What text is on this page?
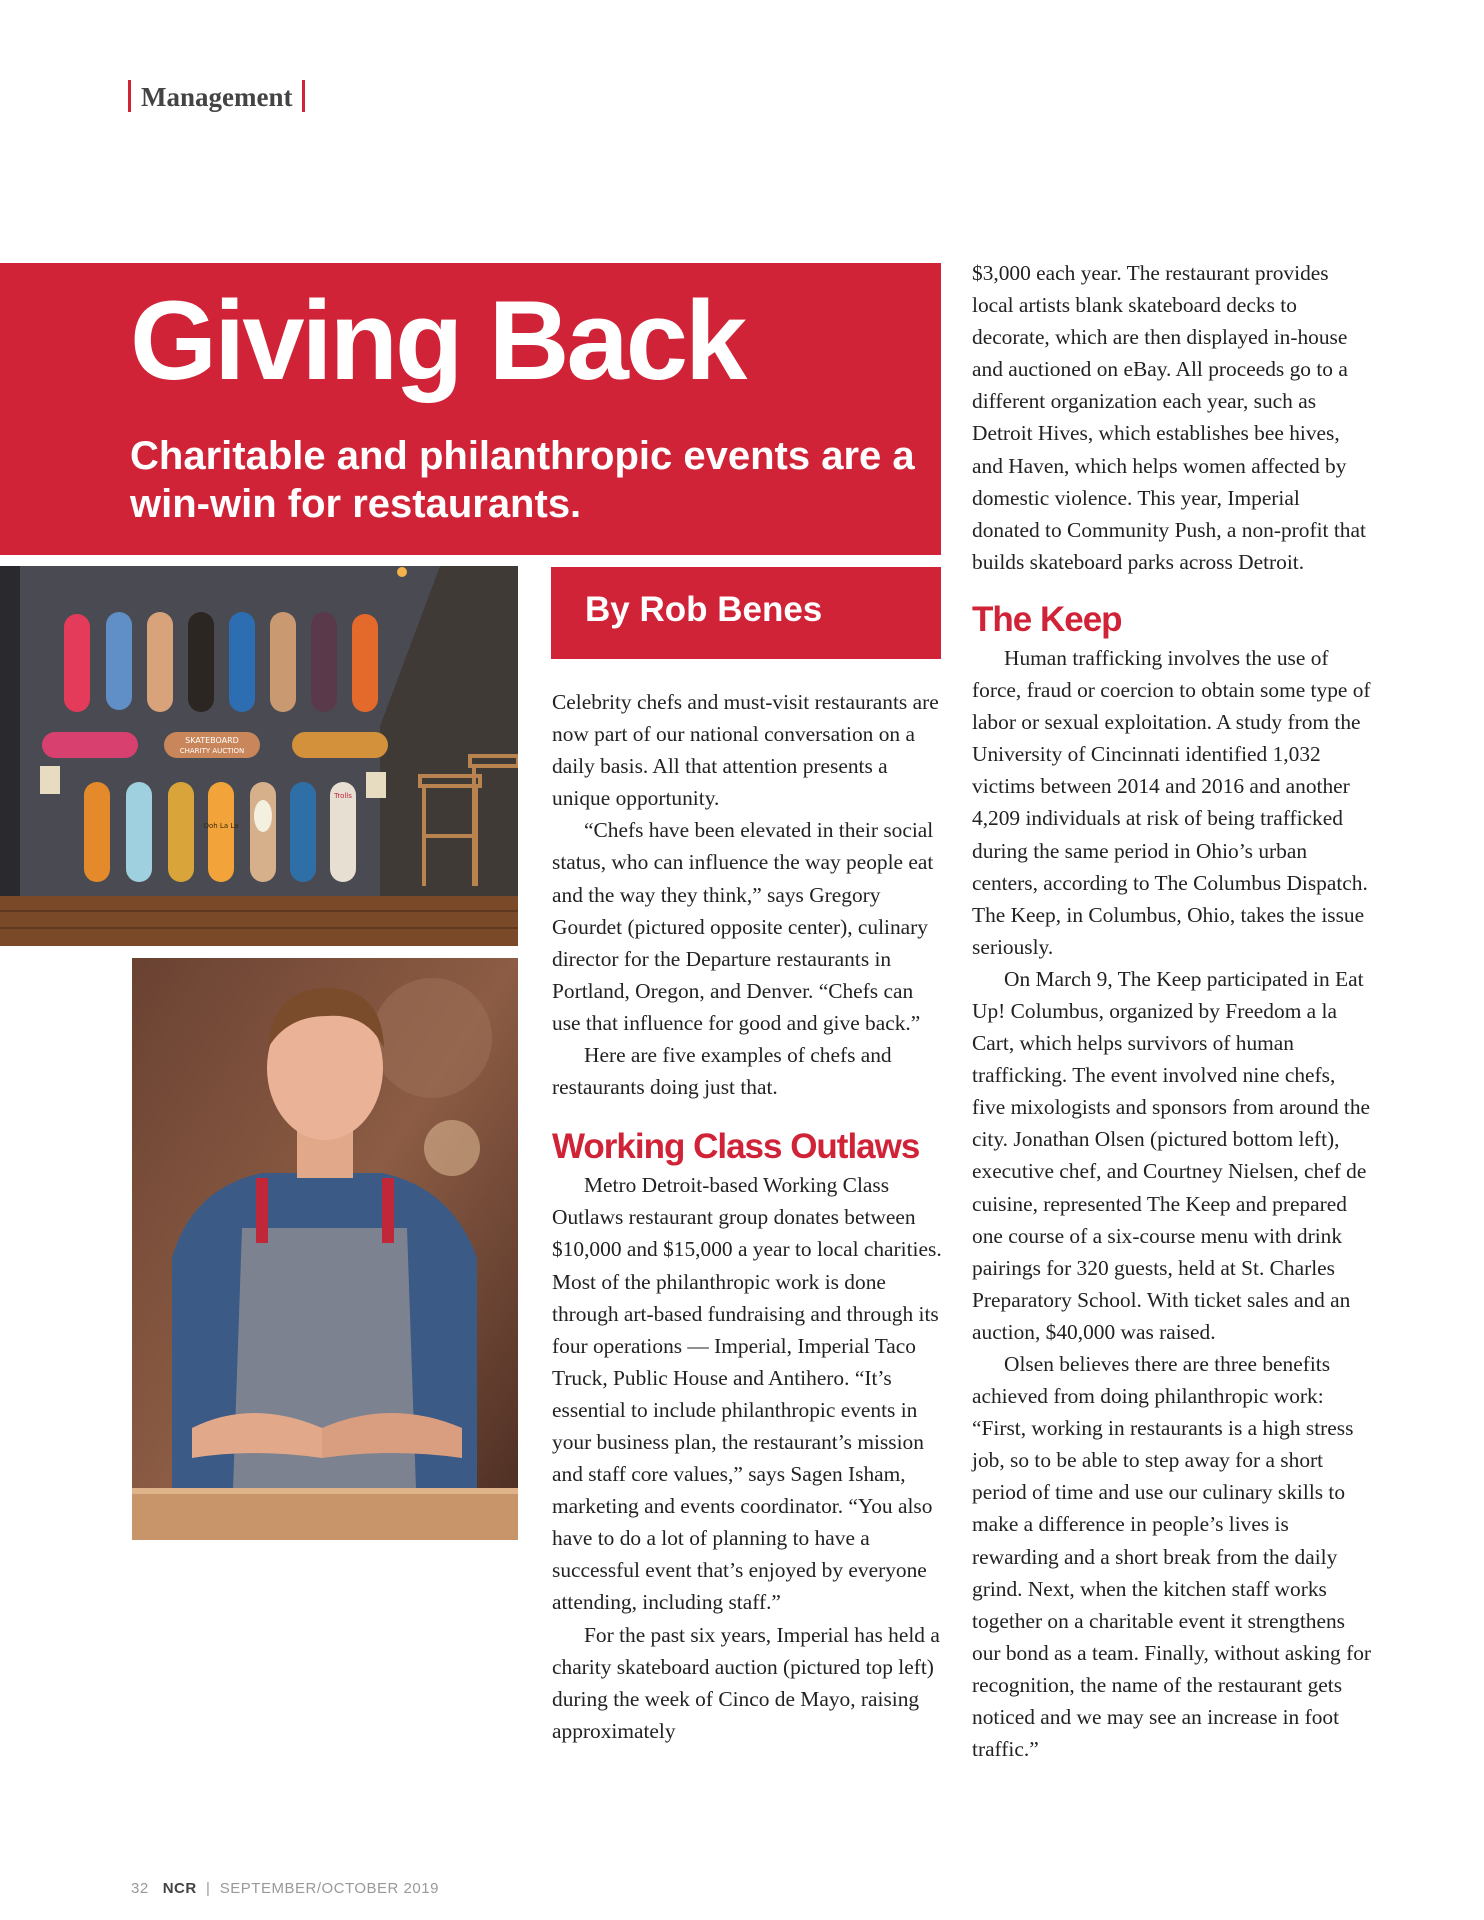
Management
Giving Back
Charitable and philanthropic events are a win-win for restaurants.
By Rob Benes
SKATEBOARD
CHARITY AUCTION
Ooh La La
Trolls

Celebrity chefs and must-visit restaurants are now part of our national conversation on a daily basis. All that attention presents a unique opportunity.

“Chefs have been elevated in their social status, who can influence the way people eat and the way they think,” says Gregory Gourdet (pictured opposite center), culinary director for the Departure restaurants in Portland, Oregon, and Denver. “Chefs can use that influence for good and give back.”

Here are five examples of chefs and restaurants doing just that.

Working Class Outlaws

Metro Detroit-based Working Class Outlaws restaurant group donates between $10,000 and $15,000 a year to local charities. Most of the philanthropic work is done through art-based fundraising and through its four operations — Imperial, Imperial Taco Truck, Public House and Antihero. “It’s essential to include philanthropic events in your business plan, the restaurant’s mission and staff core values,” says Sagen Isham, marketing and events coordinator. “You also have to do a lot of planning to have a successful event that’s enjoyed by everyone attending, including staff.”

For the past six years, Imperial has held a charity skateboard auction (pictured top left) during the week of Cinco de Mayo, raising approximately

$3,000 each year. The restaurant provides local artists blank skateboard decks to decorate, which are then displayed in-house and auctioned on eBay. All proceeds go to a different organization each year, such as Detroit Hives, which establishes bee hives, and Haven, which helps women affected by domestic violence. This year, Imperial donated to Community Push, a non-profit that builds skateboard parks across Detroit.

The Keep

Human trafficking involves the use of force, fraud or coercion to obtain some type of labor or sexual exploitation. A study from the University of Cincinnati identified 1,032 victims between 2014 and 2016 and another 4,209 individuals at risk of being trafficked during the same period in Ohio’s urban centers, according to The Columbus Dispatch. The Keep, in Columbus, Ohio, takes the issue seriously.

On March 9, The Keep participated in Eat Up! Columbus, organized by Freedom a la Cart, which helps survivors of human trafficking. The event involved nine chefs, five mixologists and sponsors from around the city. Jonathan Olsen (pictured bottom left), executive chef, and Courtney Nielsen, chef de cuisine, represented The Keep and prepared one course of a six-course menu with drink pairings for 320 guests, held at St. Charles Preparatory School. With ticket sales and an auction, $40,000 was raised.

Olsen believes there are three benefits achieved from doing philanthropic work: “First, working in restaurants is a high stress job, so to be able to step away for a short period of time and use our culinary skills to make a difference in people’s lives is rewarding and a short break from the daily grind. Next, when the kitchen staff works together on a charitable event it strengthens our bond as a team. Finally, without asking for recognition, the name of the restaurant gets noticed and we may see an increase in foot traffic.”

32 NCR | SEPTEMBER/OCTOBER 2019
